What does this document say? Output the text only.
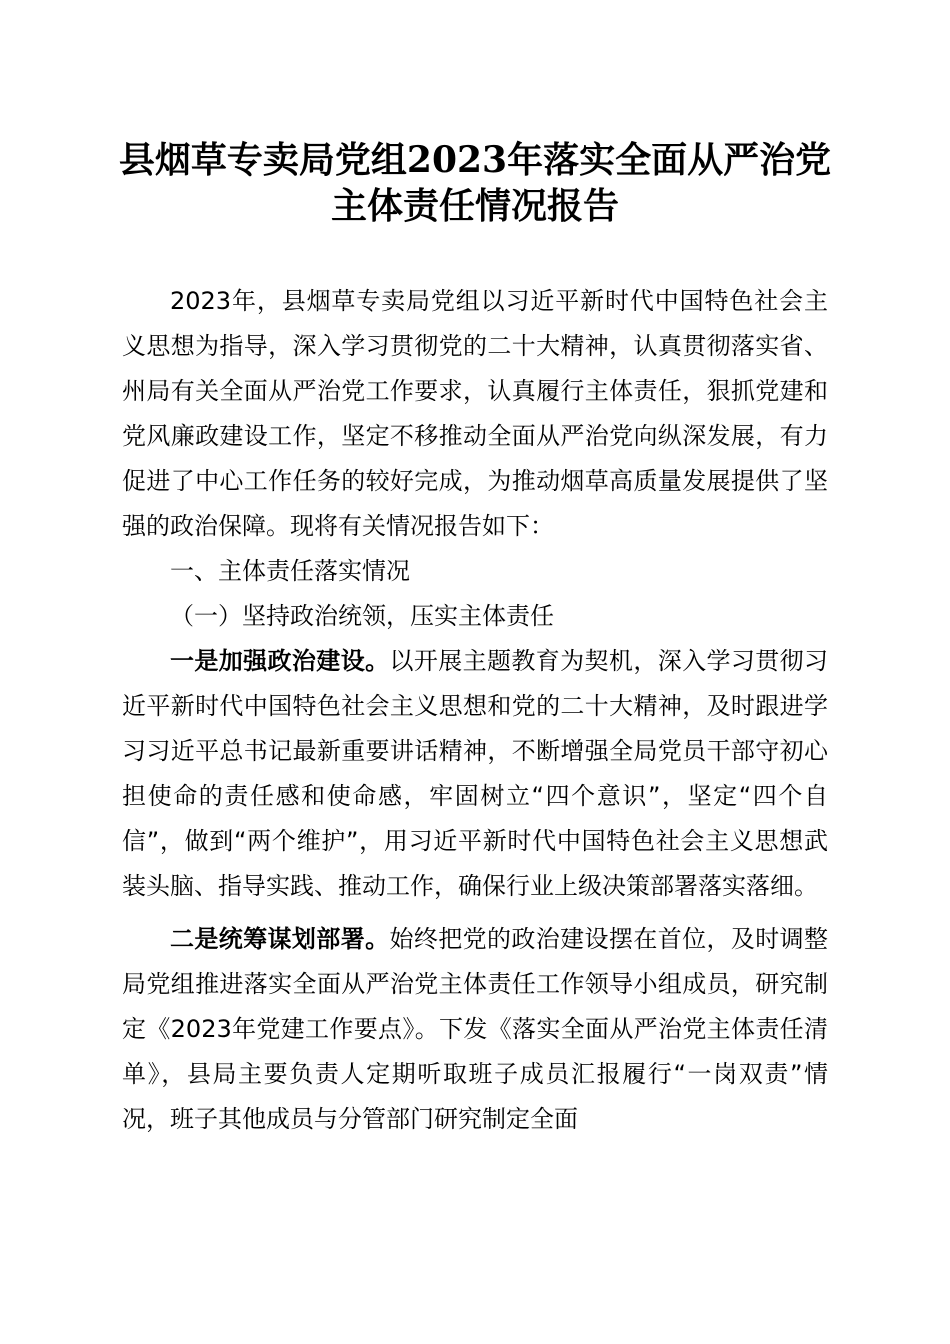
县烟草专卖局党组2023年落实全面从严治党
主体责任情况报告

2023年，县烟草专卖局党组以习近平新时代中国特色社会主义思想为指导，深入学习贯彻党的二十大精神，认真贯彻落实省、州局有关全面从严治党工作要求，认真履行主体责任，狠抓党建和党风廉政建设工作，坚定不移推动全面从严治党向纵深发展，有力促进了中心工作任务的较好完成，为推动烟草高质量发展提供了坚强的政治保障。现将有关情况报告如下：

一、主体责任落实情况

（一）坚持政治统领，压实主体责任

一是加强政治建设。以开展主题教育为契机，深入学习贯彻习近平新时代中国特色社会主义思想和党的二十大精神，及时跟进学习习近平总书记最新重要讲话精神，不断增强全局党员干部守初心担使命的责任感和使命感，牢固树立“四个意识”，坚定“四个自信”，做到“两个维护”，用习近平新时代中国特色社会主义思想武装头脑、指导实践、推动工作，确保行业上级决策部署落实落细。

二是统筹谋划部署。始终把党的政治建设摆在首位，及时调整局党组推进落实全面从严治党主体责任工作领导小组成员，研究制定《2023年党建工作要点》。下发《落实全面从严治党主体责任清单》，县局主要负责人定期听取班子成员汇报履行“一岗双责”情况，班子其他成员与分管部门研究制定全面
